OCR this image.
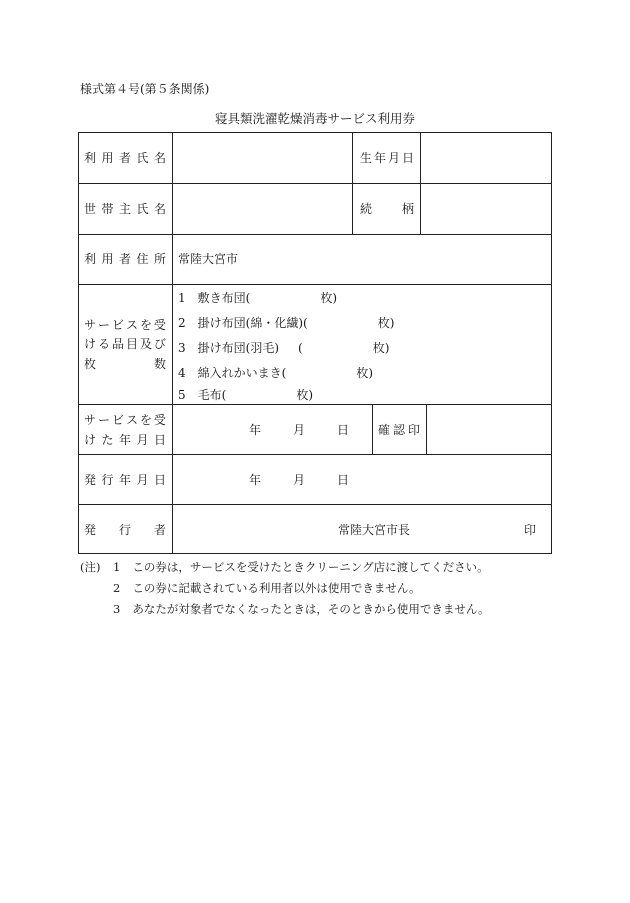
様式第４号(第５条関係)
寝具類洗濯乾燥消毒サービス利用券
利 用 者 氏 名	生 年 月 日
世 帯 主 氏 名	続 柄
利 用 者 住 所 常陸大宮市
サ ー ビ ス を 受
け る 品 目 及 び
枚	数
1 敷き布団(	枚)
2 掛け布団(綿・化繊)(	枚)
3 掛け布団(羽毛) (	枚)
4 綿入れかいまき(	枚)
5 毛布(	枚)
サ ー ビ ス を 受
け た 年 月 日
年	月	日 確 認 印
発 行 年 月 日	年	月	日
発 行 者	常陸大宮市長	印
(注) 1 この券は，サービスを受けたときクリーニング店に渡してください。
2 この券に記載されている利用者以外は使用できません。
3 あなたが対象者でなくなったときは，そのときから使用できません。
